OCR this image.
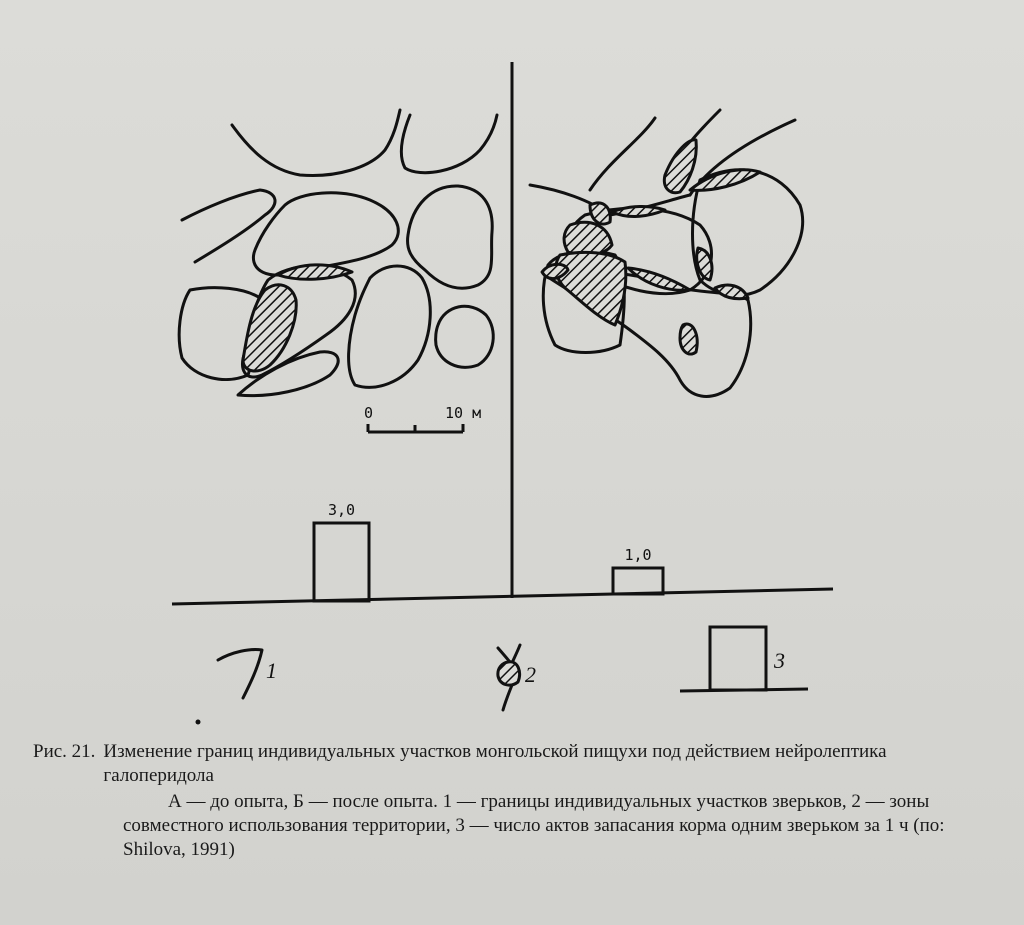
0	10 м
3,0
1,0
1	2
3
Рис. 21. Изменение границ индивидуальных участков монгольской пищухи под действием нейролептика галоперидола
А — до опыта, Б — после опыта. 1 — границы индивидуальных участков зверьков, 2 — зоны совместного использования территории, 3 — число актов запасания корма одним зверьком за 1 ч (по: Shilova, 1991)
